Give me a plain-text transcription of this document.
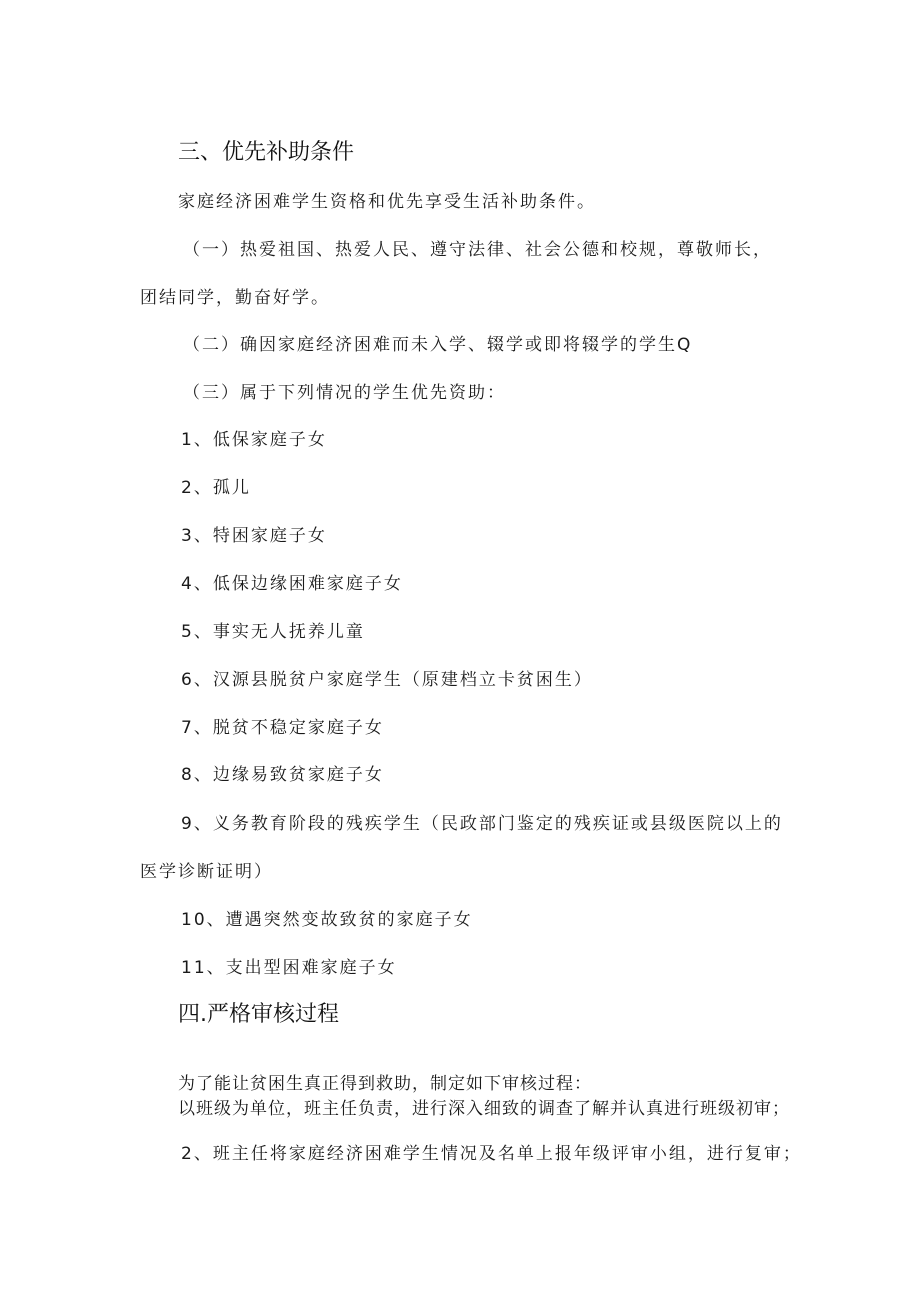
三、优先补助条件
家庭经济困难学生资格和优先享受生活补助条件。
（一）热爱祖国、热爱人民、遵守法律、社会公德和校规，尊敬师长，
团结同学，勤奋好学。
（二）确因家庭经济困难而未入学、辍学或即将辍学的学生Q
（三）属于下列情况的学生优先资助：
1、低保家庭子女
2、孤儿
3、特困家庭子女
4、低保边缘困难家庭子女
5、事实无人抚养儿童
6、汉源县脱贫户家庭学生（原建档立卡贫困生）
7、脱贫不稳定家庭子女
8、边缘易致贫家庭子女
9、义务教育阶段的残疾学生（民政部门鉴定的残疾证或县级医院以上的
医学诊断证明）
10、遭遇突然变故致贫的家庭子女
11、支出型困难家庭子女
四.严格审核过程
为了能让贫困生真正得到救助，制定如下审核过程：
以班级为单位，班主任负责，进行深入细致的调查了解并认真进行班级初审；
2、班主任将家庭经济困难学生情况及名单上报年级评审小组，进行复审；
